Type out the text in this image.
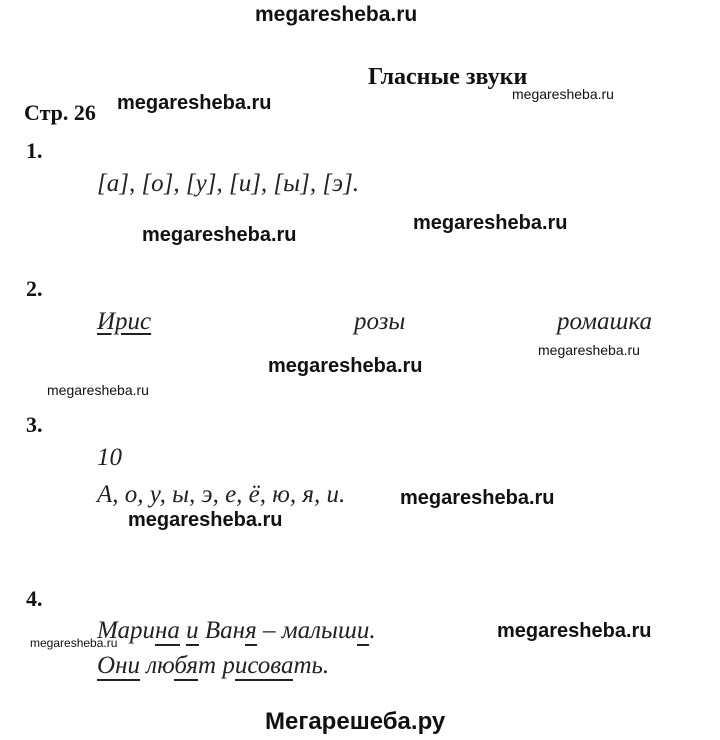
megaresheba.ru
Гласные звуки
megaresheba.ru
Стр. 26 megaresheba.ru
1.
[а], [о], [у], [и], [ы], [э].
megaresheba.ru
megaresheba.ru
2.
Ирис	розы	ромашка
megaresheba.ru
megaresheba.ru
megaresheba.ru
3.
10
А, о, у, ы, э, е, ё, ю, я, и.	megaresheba.ru
megaresheba.ru
4.
Марина и Ваня – малыши.	megaresheba.ru
megaresheba.ru
Они любят рисовать.
Мегарешеба.ру
